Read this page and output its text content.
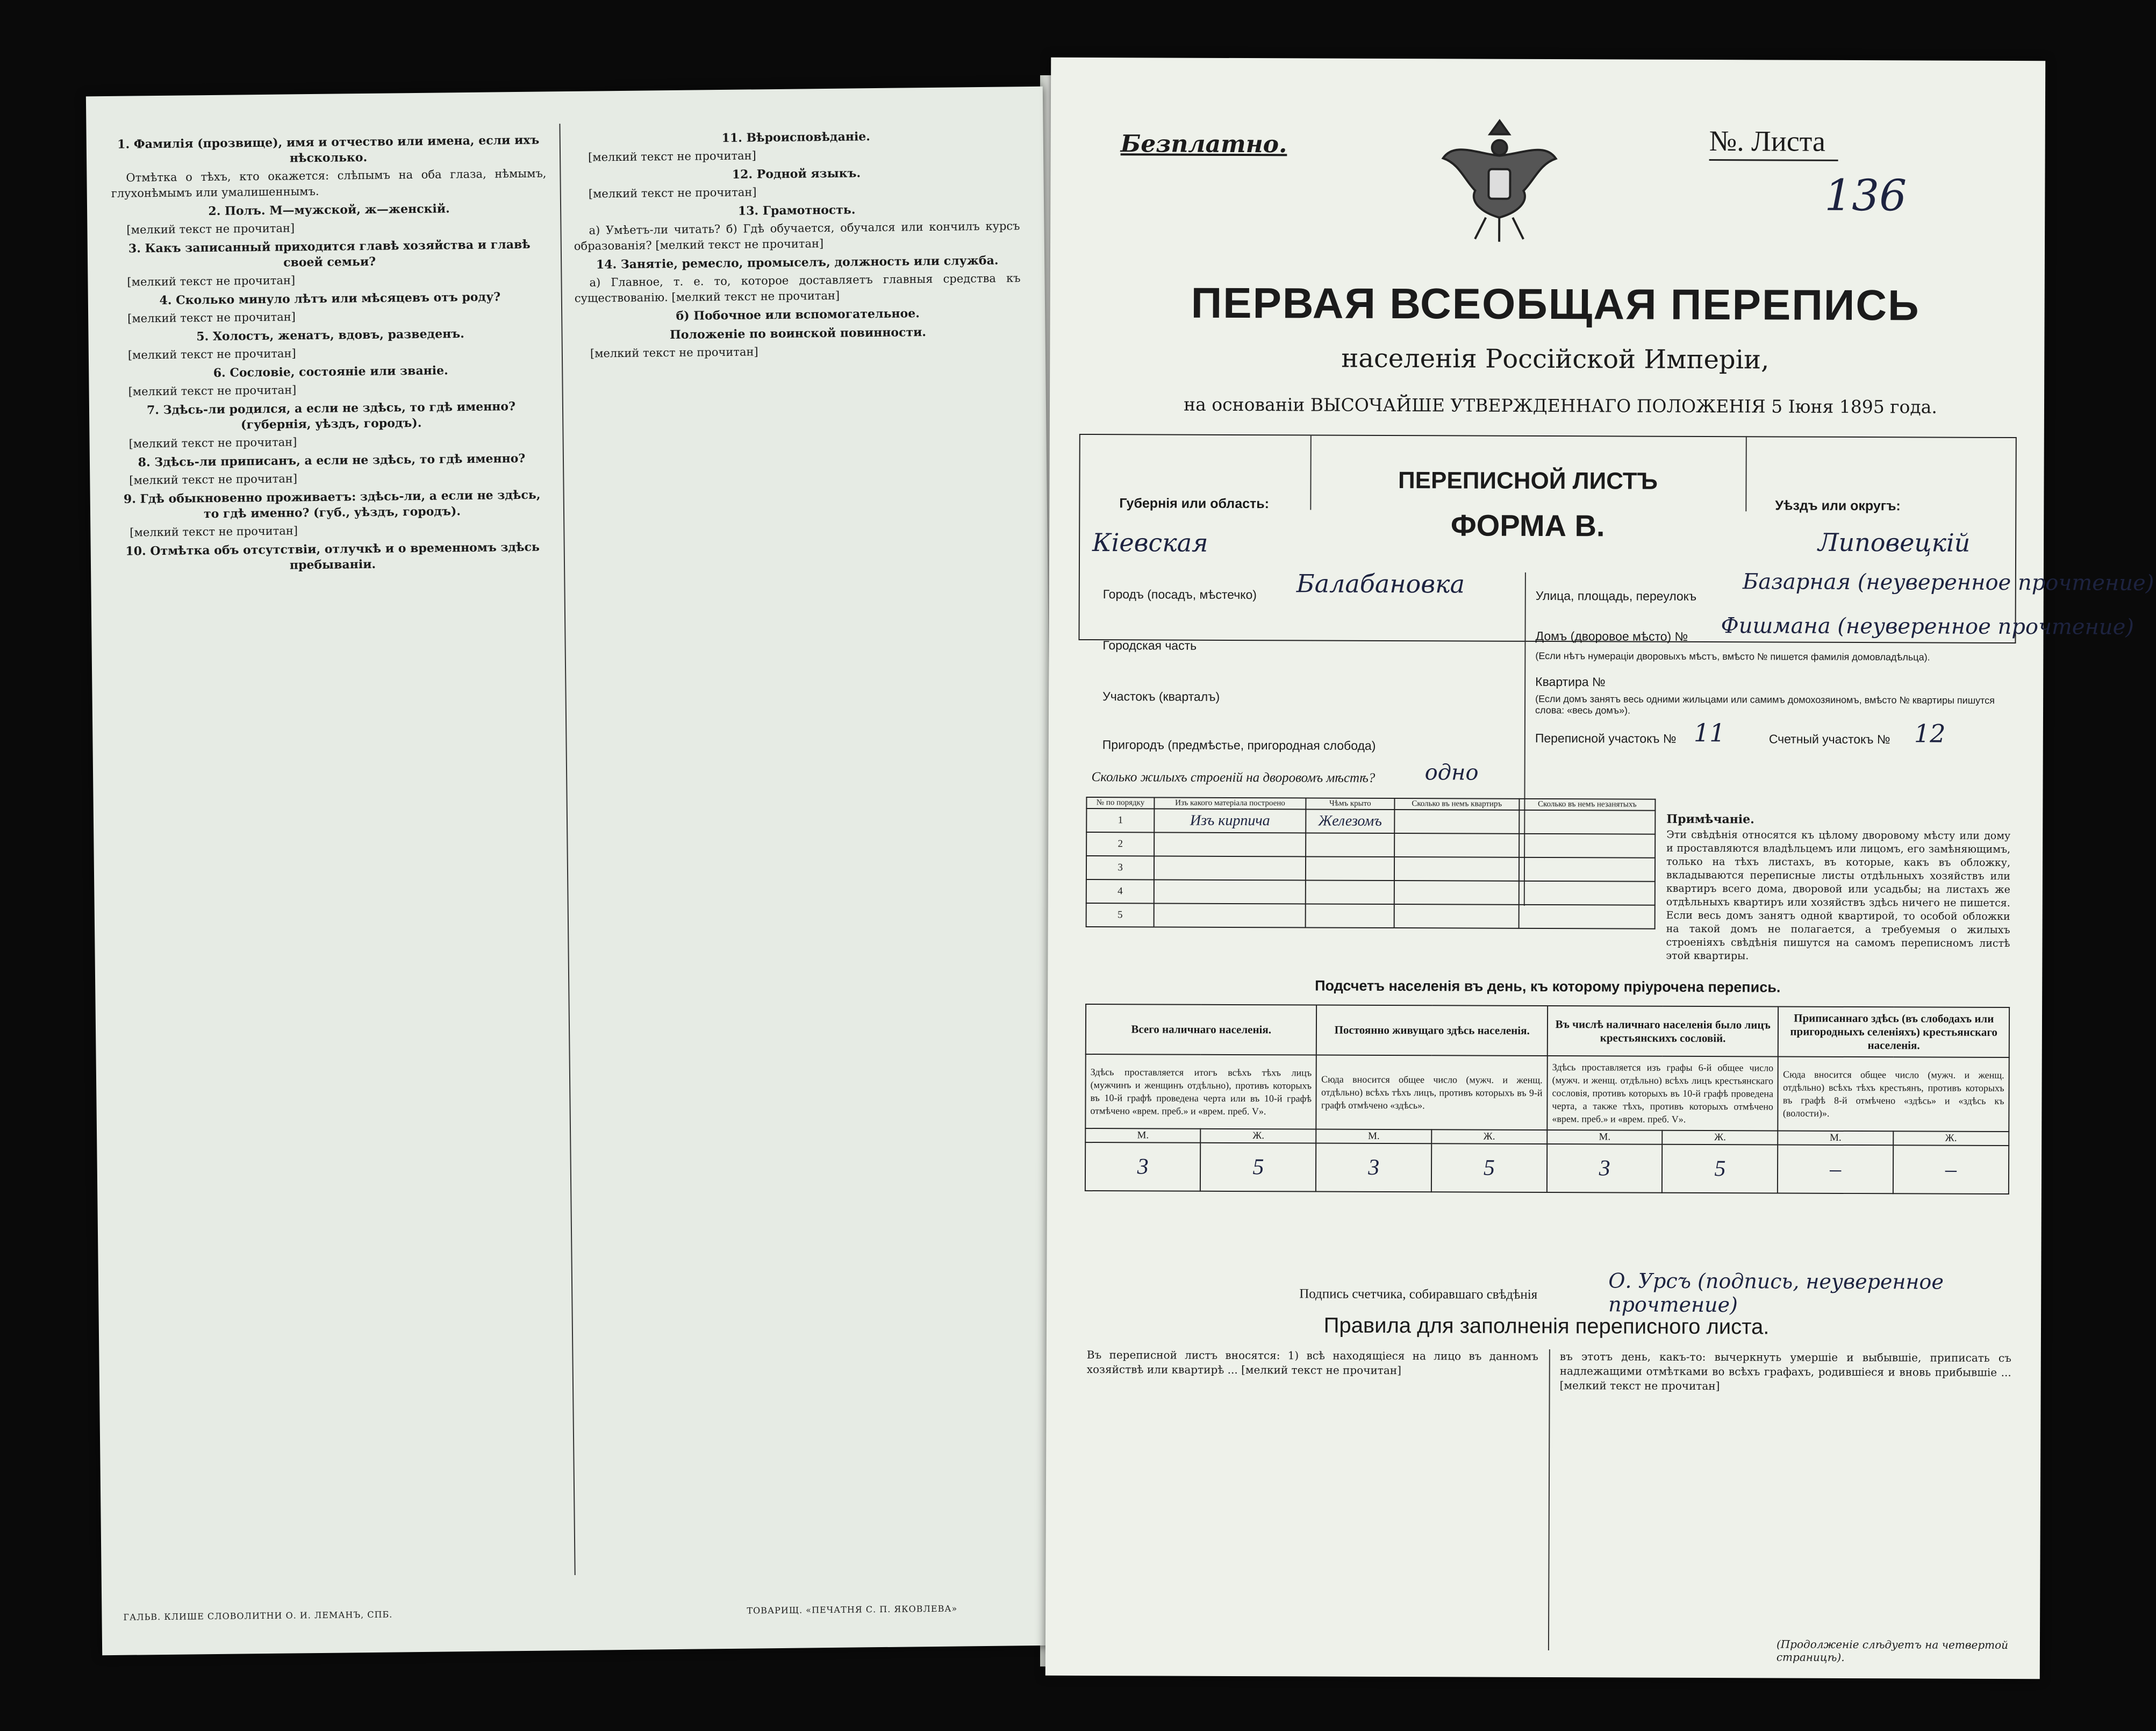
1. Фамилія (прозвище), имя и отчество или имена, если ихъ нѣсколько.

Отмѣтка о тѣхъ, кто окажется: слѣпымъ на оба глаза, нѣмымъ, глухонѣмымъ или умалишеннымъ.

2. Полъ. М—мужской, ж—женскій.

[мелкий текст не прочитан]

3. Какъ записанный приходится главѣ хозяйства и главѣ своей семьи?

[мелкий текст не прочитан]

4. Сколько минуло лѣтъ или мѣсяцевъ отъ роду?

[мелкий текст не прочитан]

5. Холостъ, женатъ, вдовъ, разведенъ.

[мелкий текст не прочитан]

6. Сословіе, состояніе или званіе.

[мелкий текст не прочитан]

7. Здѣсь-ли родился, а если не здѣсь, то гдѣ именно? (губернія, уѣздъ, городъ).

[мелкий текст не прочитан]

8. Здѣсь-ли приписанъ, а если не здѣсь, то гдѣ именно?

[мелкий текст не прочитан]

9. Гдѣ обыкновенно проживаетъ: здѣсь-ли, а если не здѣсь, то гдѣ именно? (губ., уѣздъ, городъ).

[мелкий текст не прочитан]

10. Отмѣтка объ отсутствіи, отлучкѣ и о временномъ здѣсь пребываніи.
11. Вѣроисповѣданіе.

[мелкий текст не прочитан]

12. Родной языкъ.

[мелкий текст не прочитан]

13. Грамотность.

а) Умѣетъ-ли читать? б) Гдѣ обучается, обучался или кончилъ курсъ образованія? [мелкий текст не прочитан]

14. Занятіе, ремесло, промыселъ, должность или служба.

а) Главное, т. е. то, которое доставляетъ главныя средства къ существованію. [мелкий текст не прочитан]

б) Побочное или вспомогательное.
Положеніе по воинской повинности.

[мелкий текст не прочитан]

ГАЛЬВ. КЛИШЕ СЛОВОЛИТНИ О. И. ЛЕМАНЪ, СПБ.	ТОВАРИЩ. «ПЕЧАТНЯ С. П. ЯКОВЛЕВА»
Безплатно.	№. Листа
136
ПЕРВАЯ ВСЕОБЩАЯ ПЕРЕПИСЬ
населенія Россійской Имперіи,
на основаніи ВЫСОЧАЙШЕ УТВЕРЖДЕННАГО ПОЛОЖЕНІЯ 5 Іюня 1895 года.
ПЕРЕПИСНОЙ ЛИСТЪ
ФОРМА В.
Губернія или область:
Кіевская
Уѣздъ или округъ:
Липовецкій
Городъ (посадъ, мѣстечко) Балабановка	Улица, площадь, переулокъ
Базарная (неуверенное прочтение)
Городская часть
Домъ (дворовое мѣсто) № Фишмана (неуверенное прочтение)
(Если нѣтъ нумераціи дворовыхъ мѣстъ, вмѣсто № пишется фамилія домовладѣльца).
Участокъ (кварталъ)
Квартира №
(Если домъ занятъ весь одними жильцами или самимъ домохозяиномъ, вмѣсто № квартиры пишутся слова: «весь домъ»).
Пригородъ (предмѣстье, пригородная слобода)	Переписной участокъ № 11	Счетный участокъ № 12
Сколько жилыхъ строеній на дворовомъ мѣстѣ? одно
№ по порядку	Изъ какого матеріала построено	Чѣмъ крыто	Сколько въ немъ квартиръ	Сколько въ немъ незанятыхъ
1	Изъ кирпича	Железомъ		
2				
3				
4				
5				
Примѣчаніе.
Эти свѣдѣнія относятся къ цѣлому дворовому мѣсту или дому и проставляются владѣльцемъ или лицомъ, его замѣняющимъ, только на тѣхъ листахъ, въ которые, какъ въ обложку, вкладываются переписные листы отдѣльныхъ хозяйствъ или квартиръ всего дома, дворовой или усадьбы; на листахъ же отдѣльныхъ квартиръ или хозяйствъ здѣсь ничего не пишется. Если весь домъ занятъ одной квартирой, то особой обложки на такой домъ не полагается, а требуемыя о жилыхъ строеніяхъ свѣдѣнія пишутся на самомъ переписномъ листѣ этой квартиры.
Подсчетъ населенія въ день, къ которому пріурочена перепись.
Всего наличнаго населенія.		Постоянно живущаго здѣсь населенія.		Въ числѣ наличнаго населенія было лицъ крестьянскихъ сословій.		Приписаннаго здѣсь (въ слободахъ или пригородныхъ селеніяхъ) крестьянскаго населенія.	
Здѣсь проставляется итогъ всѣхъ тѣхъ лицъ (мужчинъ и женщинъ отдѣльно), противъ которыхъ въ 10-й графѣ проведена черта или въ 10-й графѣ отмѣчено «врем. преб.» и «врем. преб. V».		Сюда вносится общее число (мужч. и женщ. отдѣльно) всѣхъ тѣхъ лицъ, противъ которыхъ въ 9-й графѣ отмѣчено «здѣсь».		Здѣсь проставляется изъ графы 6-й общее число (мужч. и женщ. отдѣльно) всѣхъ лицъ крестьянскаго сословія, противъ которыхъ въ 10-й графѣ проведена черта, а также тѣхъ, противъ которыхъ отмѣчено «врем. преб.» и «врем. преб. V».		Сюда вносится общее число (мужч. и женщ. отдѣльно) всѣхъ тѣхъ крестьянъ, противъ которыхъ въ графѣ 8-й отмѣчено «здѣсь» и «здѣсь къ (волости)».	
М.	Ж.	М.	Ж.	М.	Ж.	М.	Ж.
3	5	3	5	3	5	–	–
Подпись счетчика, собиравшаго свѣдѣнія
О. Урсъ (подпись, неуверенное прочтение)
Правила для заполненія переписного листа.
Въ переписной листъ вносятся: 1) всѣ находящіеся на лицо въ данномъ хозяйствѣ или квартирѣ ... [мелкий текст не прочитан]
въ этотъ день, какъ-то: вычеркнуть умершіе и выбывшіе, приписать съ надлежащими отмѣтками во всѣхъ графахъ, родившіеся и вновь прибывшіе ... [мелкий текст не прочитан]
(Продолженіе слѣдуетъ на четвертой страницѣ).
